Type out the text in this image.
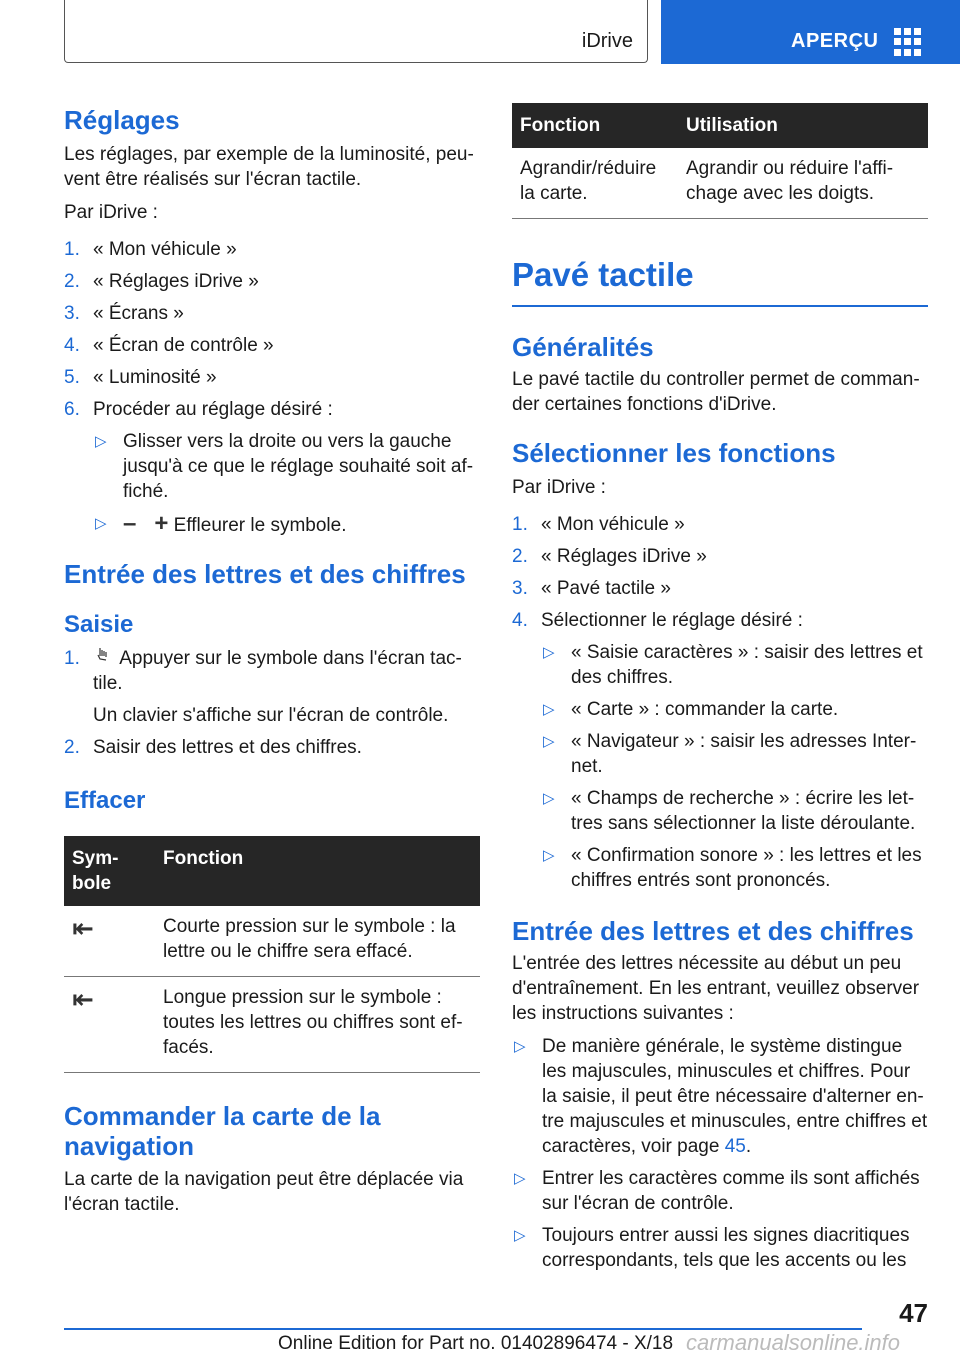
iDrive	APERÇU
Réglages

Les réglages, par exemple de la luminosité, peu-vent être réalisés sur l'écran tactile.

Par iDrive :

1. « Mon véhicule »
2. « Réglages iDrive »
3. « Écrans »
4. « Écran de contrôle »
5. « Luminosité »
6. Procéder au réglage désiré :
▷ Glisser vers la droite ou vers la gauche jusqu'à ce que le réglage souhaité soit af-fiché.
▷ – + Effleurer le symbole.
Entrée des lettres et des chiffres
Saisie
1. Appuyer sur le symbole dans l'écran tac-tile.
Un clavier s'affiche sur l'écran de contrôle.
2. Saisir des lettres et des chiffres.
Effacer
Sym-bole	Fonction
⇤	Courte pression sur le symbole : la lettre ou le chiffre sera effacé.
⇤	Longue pression sur le symbole : toutes les lettres ou chiffres sont ef-facés.
Commander la carte de la navigation

La carte de la navigation peut être déplacée via l'écran tactile.

Fonction	Utilisation
Agrandir/réduire la carte.	Agrandir ou réduire l'affi-chage avec les doigts.
Pavé tactile
Généralités

Le pavé tactile du controller permet de comman-der certaines fonctions d'iDrive.

Sélectionner les fonctions

Par iDrive :

1. « Mon véhicule »
2. « Réglages iDrive »
3. « Pavé tactile »
4. Sélectionner le réglage désiré :
▷ « Saisie caractères » : saisir des lettres et des chiffres.
▷ « Carte » : commander la carte.
▷ « Navigateur » : saisir les adresses Inter-net.
▷ « Champs de recherche » : écrire les let-tres sans sélectionner la liste déroulante.
▷ « Confirmation sonore » : les lettres et les chiffres entrés sont prononcés.
Entrée des lettres et des chiffres

L'entrée des lettres nécessite au début un peu d'entraînement. En les entrant, veuillez observer les instructions suivantes :

▷ De manière générale, le système distingue les majuscules, minuscules et chiffres. Pour la saisie, il peut être nécessaire d'alterner en-tre majuscules et minuscules, entre chiffres et caractères, voir page 45.
▷ Entrer les caractères comme ils sont affichés sur l'écran de contrôle.
▷ Toujours entrer aussi les signes diacritiques correspondants, tels que les accents ou les
47
Online Edition for Part no. 01402896474 - X/18 carmanualsonline.info
